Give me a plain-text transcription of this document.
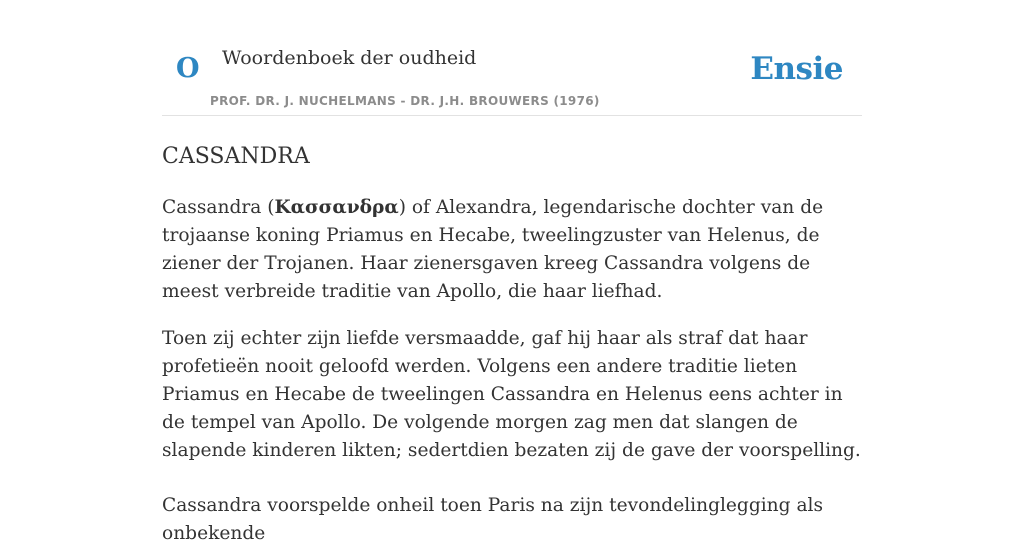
O Woordenboek der oudheid
PROF. DR. J. NUCHELMANS - DR. J.H. BROUWERS (1976)
Ensie
CASSANDRA

Cassandra (Κασσανδρα) of Alexandra, legendarische dochter van de trojaanse koning Priamus en Hecabe, tweelingzuster van Helenus, de ziener der Trojanen. Haar zienersgaven kreeg Cassandra volgens de meest verbreide traditie van Apollo, die haar liefhad.

Toen zij echter zijn liefde versmaadde, gaf hij haar als straf dat haar profetieën nooit geloofd werden. Volgens een andere traditie lieten Priamus en Hecabe de tweelingen Cassandra en Helenus eens achter in de tempel van Apollo. De volgende morgen zag men dat slangen de slapende kinderen likten; sedertdien bezaten zij de gave der voorspelling.

Cassandra voorspelde onheil toen Paris na zijn tevondelinglegging als onbekende
